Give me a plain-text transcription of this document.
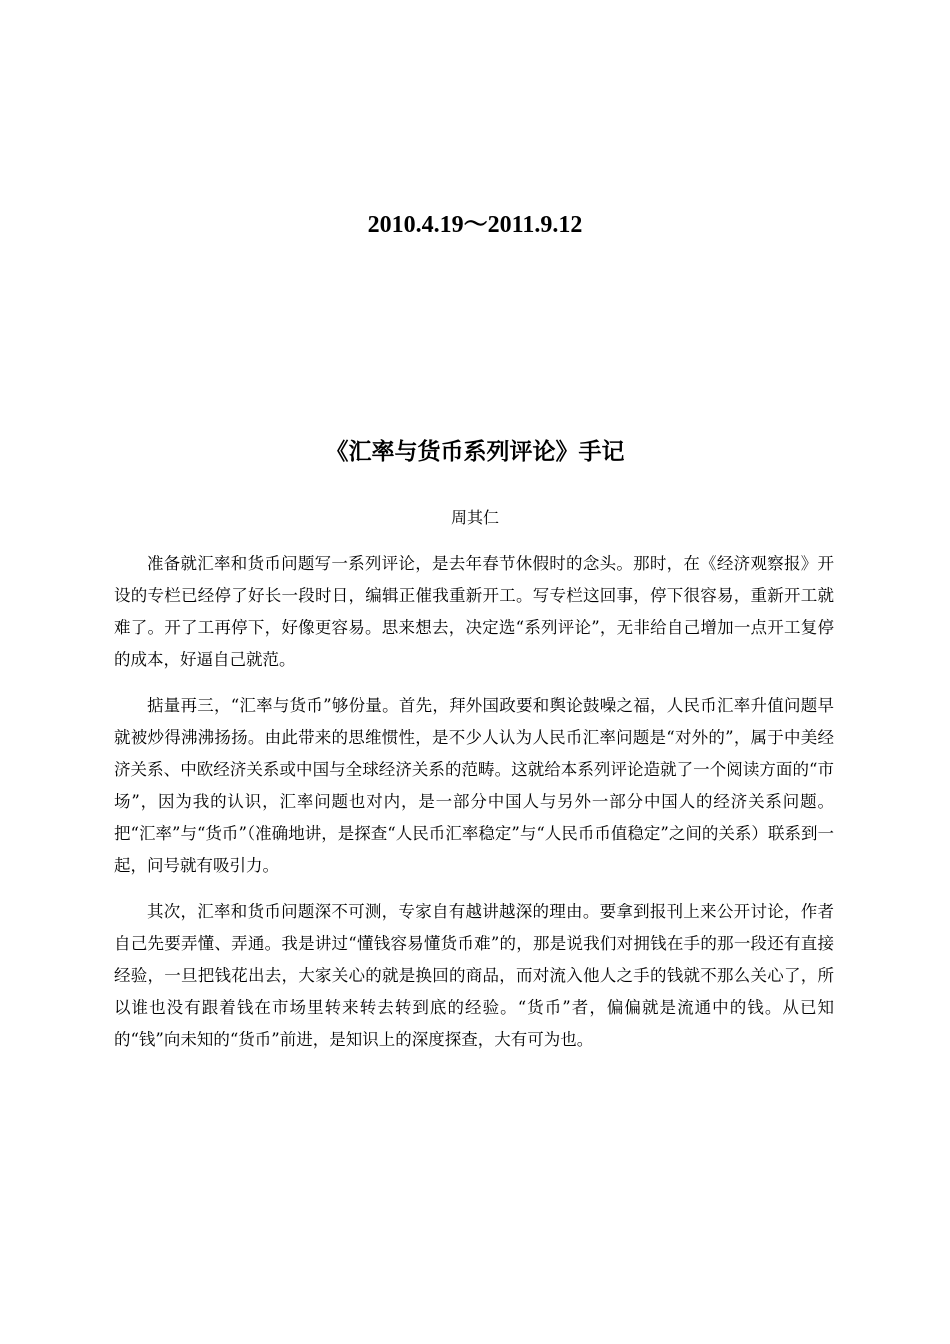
2010.4.19～2011.9.12
《汇率与货币系列评论》手记
周其仁

准备就汇率和货币问题写一系列评论，是去年春节休假时的念头。那时，在《经济观察报》开设的专栏已经停了好长一段时日，编辑正催我重新开工。写专栏这回事，停下很容易，重新开工就难了。开了工再停下，好像更容易。思来想去，决定选“系列评论”，无非给自己增加一点开工复停的成本，好逼自己就范。

掂量再三，“汇率与货币”够份量。首先，拜外国政要和舆论鼓噪之福，人民币汇率升值问题早就被炒得沸沸扬扬。由此带来的思维惯性，是不少人认为人民币汇率问题是“对外的”，属于中美经济关系、中欧经济关系或中国与全球经济关系的范畴。这就给本系列评论造就了一个阅读方面的“市场”，因为我的认识，汇率问题也对内，是一部分中国人与另外一部分中国人的经济关系问题。把“汇率”与“货币”（准确地讲，是探查“人民币汇率稳定”与“人民币币值稳定”之间的关系）联系到一起，问号就有吸引力。

其次，汇率和货币问题深不可测，专家自有越讲越深的理由。要拿到报刊上来公开讨论，作者自己先要弄懂、弄通。我是讲过“懂钱容易懂货币难”的，那是说我们对拥钱在手的那一段还有直接经验，一旦把钱花出去，大家关心的就是换回的商品，而对流入他人之手的钱就不那么关心了，所以谁也没有跟着钱在市场里转来转去转到底的经验。“货币”者，偏偏就是流通中的钱。从已知的“钱”向未知的“货币”前进，是知识上的深度探查，大有可为也。
